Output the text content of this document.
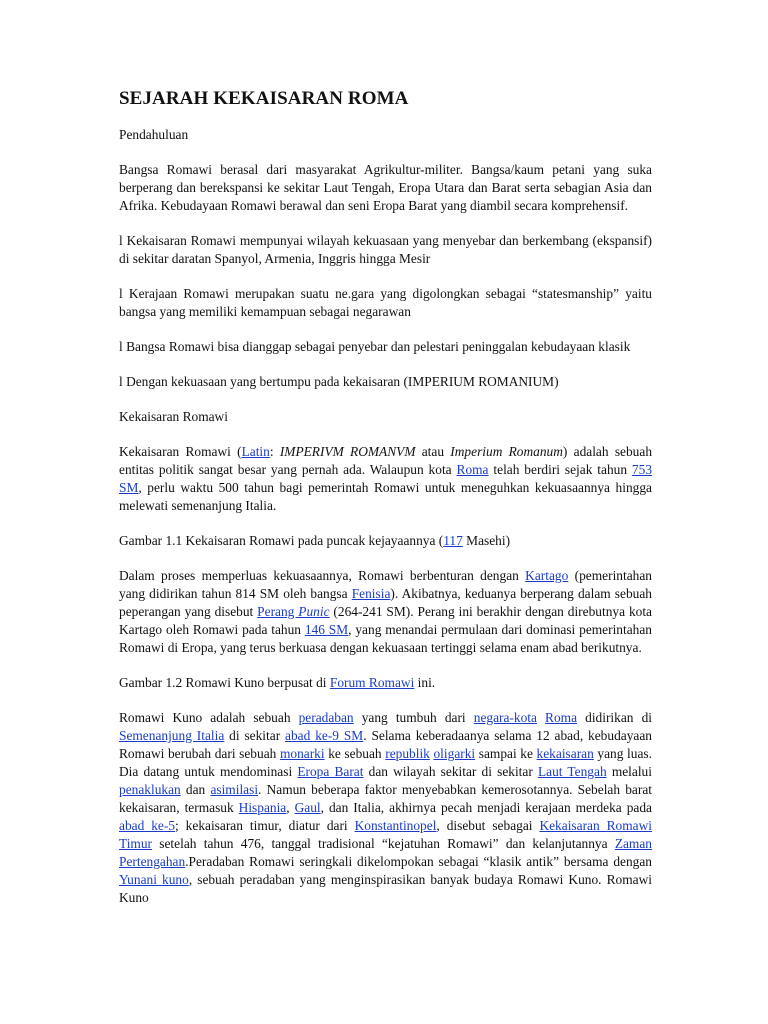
SEJARAH KEKAISARAN ROMA

Pendahuluan

Bangsa Romawi berasal dari masyarakat Agrikultur-militer. Bangsa/kaum petani yang suka berperang dan berekspansi ke sekitar Laut Tengah, Eropa Utara dan Barat serta sebagian Asia dan Afrika. Kebudayaan Romawi berawal dan seni Eropa Barat yang diambil secara komprehensif.

l Kekaisaran Romawi mempunyai wilayah kekuasaan yang menyebar dan berkembang (ekspansif) di sekitar daratan Spanyol, Armenia, Inggris hingga Mesir

l Kerajaan Romawi merupakan suatu ne.gara yang digolongkan sebagai “statesmanship” yaitu bangsa yang memiliki kemampuan sebagai negarawan

l Bangsa Romawi bisa dianggap sebagai penyebar dan pelestari peninggalan kebudayaan klasik

l Dengan kekuasaan yang bertumpu pada kekaisaran (IMPERIUM ROMANIUM)

Kekaisaran Romawi

Kekaisaran Romawi (Latin: IMPERIVM ROMANVM atau Imperium Romanum) adalah sebuah entitas politik sangat besar yang pernah ada. Walaupun kota Roma telah berdiri sejak tahun 753 SM, perlu waktu 500 tahun bagi pemerintah Romawi untuk meneguhkan kekuasaannya hingga melewati semenanjung Italia.

Gambar 1.1 Kekaisaran Romawi pada puncak kejayaannya (117 Masehi)

Dalam proses memperluas kekuasaannya, Romawi berbenturan dengan Kartago (pemerintahan yang didirikan tahun 814 SM oleh bangsa Fenisia). Akibatnya, keduanya berperang dalam sebuah peperangan yang disebut Perang Punic (264-241 SM). Perang ini berakhir dengan direbutnya kota Kartago oleh Romawi pada tahun 146 SM, yang menandai permulaan dari dominasi pemerintahan Romawi di Eropa, yang terus berkuasa dengan kekuasaan tertinggi selama enam abad berikutnya.

Gambar 1.2 Romawi Kuno berpusat di Forum Romawi ini.

Romawi Kuno adalah sebuah peradaban yang tumbuh dari negara-kota Roma didirikan di Semenanjung Italia di sekitar abad ke-9 SM. Selama keberadaanya selama 12 abad, kebudayaan Romawi berubah dari sebuah monarki ke sebuah republik oligarki sampai ke kekaisaran yang luas. Dia datang untuk mendominasi Eropa Barat dan wilayah sekitar di sekitar Laut Tengah melalui penaklukan dan asimilasi. Namun beberapa faktor menyebabkan kemerosotannya. Sebelah barat kekaisaran, termasuk Hispania, Gaul, dan Italia, akhirnya pecah menjadi kerajaan merdeka pada abad ke-5; kekaisaran timur, diatur dari Konstantinopel, disebut sebagai Kekaisaran Romawi Timur setelah tahun 476, tanggal tradisional “kejatuhan Romawi” dan kelanjutannya Zaman Pertengahan.Peradaban Romawi seringkali dikelompokan sebagai “klasik antik” bersama dengan Yunani kuno, sebuah peradaban yang menginspirasikan banyak budaya Romawi Kuno. Romawi Kuno
